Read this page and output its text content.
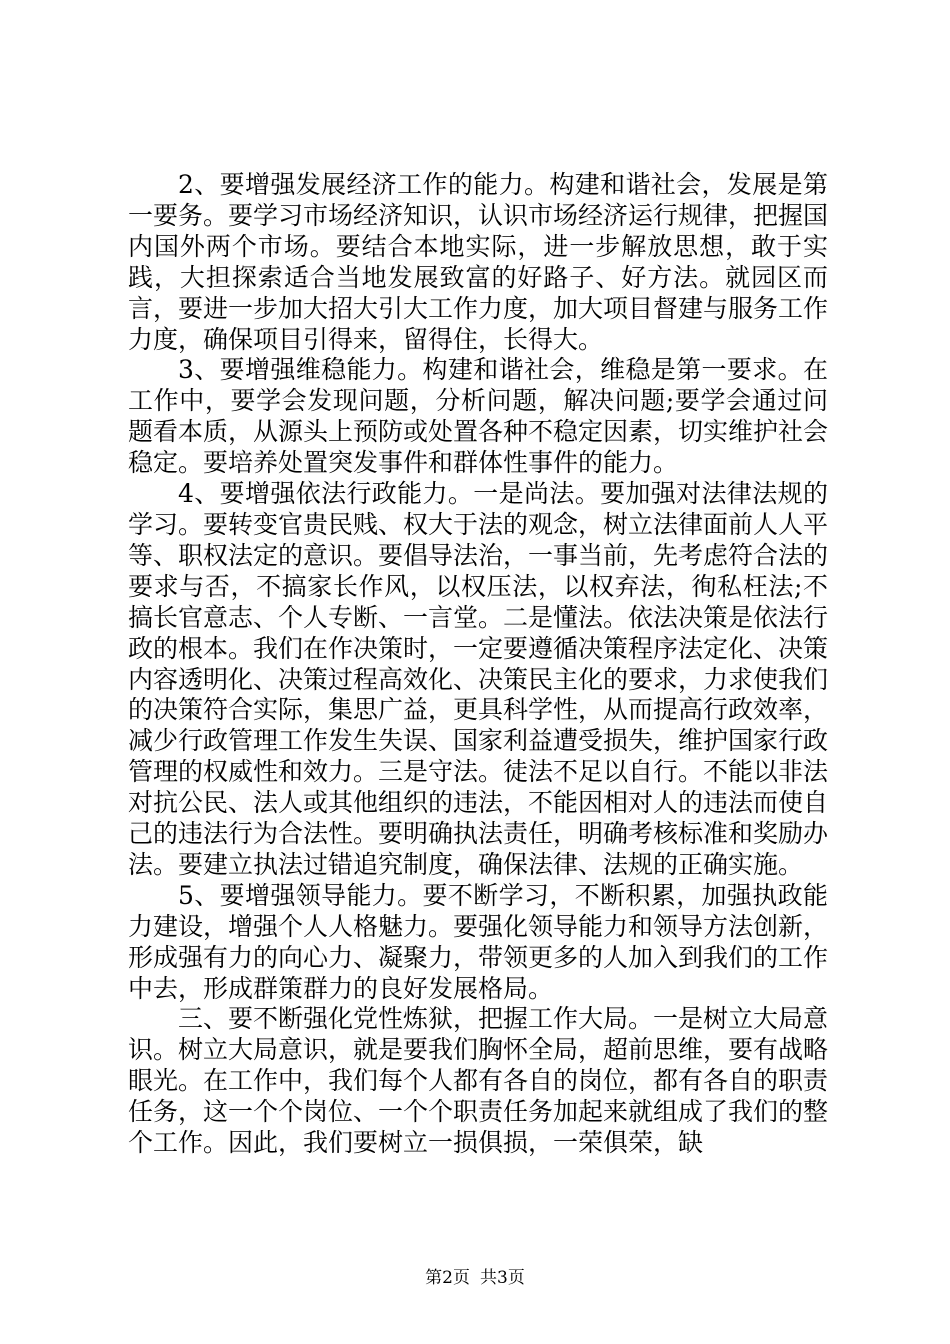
2、要增强发展经济工作的能力。构建和谐社会，发展是第一要务。要学习市场经济知识，认识市场经济运行规律，把握国内国外两个市场。要结合本地实际，进一步解放思想，敢于实践，大担探索适合当地发展致富的好路子、好方法。就园区而言，要进一步加大招大引大工作力度，加大项目督建与服务工作力度，确保项目引得来，留得住，长得大。

3、要增强维稳能力。构建和谐社会，维稳是第一要求。在工作中，要学会发现问题，分析问题，解决问题;要学会通过问题看本质，从源头上预防或处置各种不稳定因素，切实维护社会稳定。要培养处置突发事件和群体性事件的能力。

4、要增强依法行政能力。一是尚法。要加强对法律法规的学习。要转变官贵民贱、权大于法的观念，树立法律面前人人平等、职权法定的意识。要倡导法治，一事当前，先考虑符合法的要求与否，不搞家长作风，以权压法，以权弃法，徇私枉法;不搞长官意志、个人专断、一言堂。二是懂法。依法决策是依法行政的根本。我们在作决策时，一定要遵循决策程序法定化、决策内容透明化、决策过程高效化、决策民主化的要求，力求使我们的决策符合实际，集思广益，更具科学性，从而提高行政效率，减少行政管理工作发生失误、国家利益遭受损失，维护国家行政管理的权威性和效力。三是守法。徒法不足以自行。不能以非法对抗公民、法人或其他组织的违法，不能因相对人的违法而使自己的违法行为合法性。要明确执法责任，明确考核标准和奖励办法。要建立执法过错追究制度，确保法律、法规的正确实施。

5、要增强领导能力。要不断学习，不断积累，加强执政能力建设，增强个人人格魅力。要强化领导能力和领导方法创新，形成强有力的向心力、凝聚力，带领更多的人加入到我们的工作中去，形成群策群力的良好发展格局。

三、要不断强化党性炼狱，把握工作大局。一是树立大局意识。树立大局意识，就是要我们胸怀全局，超前思维，要有战略眼光。在工作中，我们每个人都有各自的岗位，都有各自的职责任务，这一个个岗位、一个个职责任务加起来就组成了我们的整个工作。因此，我们要树立一损俱损，一荣俱荣，缺

第2页 共3页
